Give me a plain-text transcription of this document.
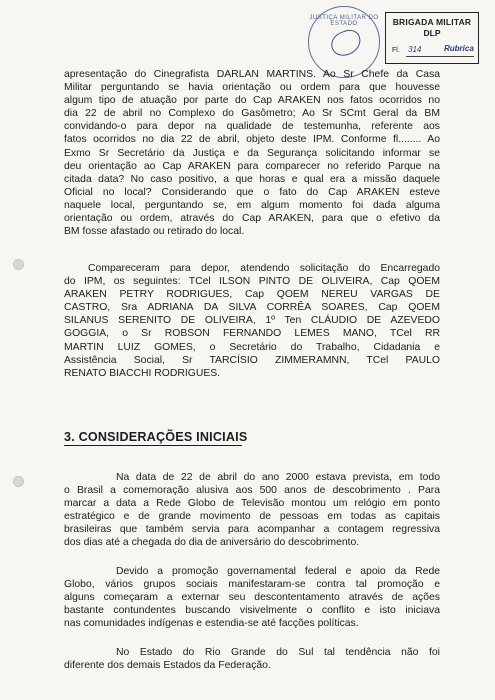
JUSTIÇA MILITAR DO ESTADO	BRIGADA MILITAR
DLP
Fl. 314	Rubrica

apresentação do Cinegrafista DARLAN MARTINS. Ao Sr Chefe da Casa
Militar perguntando se havia orientação ou ordem para que houvesse
algum tipo de atuação por parte do Cap ARAKEN nos fatos ocorridos no
dia 22 de abril no Complexo do Gasômetro; Ao Sr SCmt Geral da BM
convidando-o para depor na qualidade de testemunha, referente aos
fatos ocorridos no dia 22 de abril, objeto deste IPM. Conforme fl........ Ao
Exmo Sr Secretário da Justiça e da Segurança solicitando informar se
deu orientação ao Cap ARAKEN para comparecer no referido Parque na
citada data? No caso positivo, a que horas e qual era a missão daquele
Oficial no local? Considerando que o fato do Cap ARAKEN esteve
naquele local, perguntando se, em algum momento foi dada alguma
orientação ou ordem, através do Cap ARAKEN, para que o efetivo da
BM fosse afastado ou retirado do local.

Compareceram para depor, atendendo solicitação do Encarregado
do IPM, os seguintes: TCel ILSON PINTO DE OLIVEIRA, Cap QOEM
ARAKEN PETRY RODRIGUES, Cap QOEM NEREU VARGAS DE
CASTRO, Sra ADRIANA DA SILVA CORRÊA SOARES, Cap QOEM
SILANUS SERENITO DE OLIVEIRA, 1º Ten CLÁUDIO DE AZEVEDO
GOGGIA, o Sr ROBSON FERNANDO LEMES MANO, TCel RR
MARTIN LUIZ GOMES, o Secretário do Trabalho, Cidadania e
Assistência Social, Sr TARCÍSIO ZIMMERAMNN, TCel PAULO
RENATO BIACCHI RODRIGUES.

3. CONSIDERAÇÕES INICIAIS

Na data de 22 de abril do ano 2000 estava prevista, em todo
o Brasil a comemoração alusiva aos 500 anos de descobrimento . Para
marcar a data a Rede Globo de Televisão montou um relógio em ponto
estratégico e de grande movimento de pessoas em todas as capitais
brasileiras que também servia para acompanhar a contagem regressiva
dos dias até a chegada do dia de aniversário do descobrimento.

Devido a promoção governamental federal e apoio da Rede
Globo, vários grupos sociais manifestaram-se contra tal promoção e
alguns começaram a externar seu descontentamento através de ações
bastante contundentes buscando visivelmente o conflito e isto iniciava
nas comunidades indígenas e estendia-se até facções políticas.

No Estado do Rio Grande do Sul tal tendência não foi
diferente dos demais Estados da Federação.
